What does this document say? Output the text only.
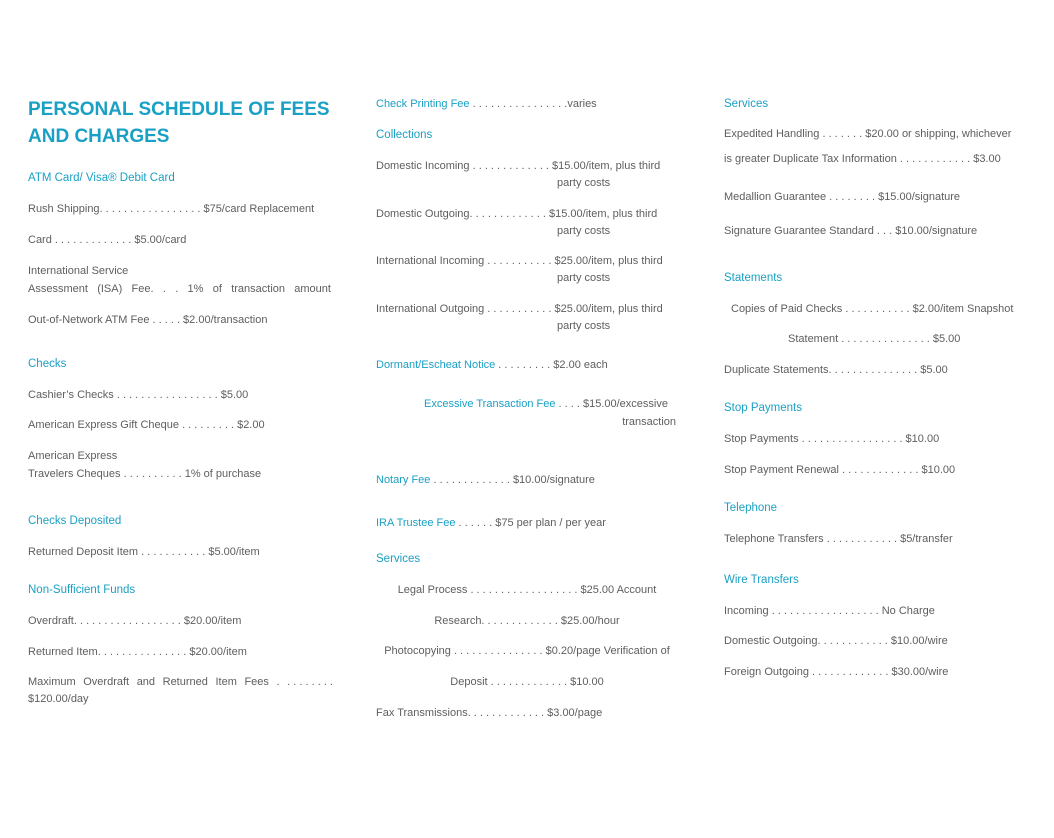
PERSONAL SCHEDULE OF FEES
AND CHARGES
ATM Card/ Visa® Debit Card
Rush Shipping. . . . . . . . . . . . . . . . . $75/card Replacement
Card . . . . . . . . . . . . . $5.00/card
International Service
Assessment (ISA) Fee. . . 1% of transaction amount
Out-of-Network ATM Fee . . . . . $2.00/transaction
Checks
Cashier’s Checks . . . . . . . . . . . . . . . . . $5.00
American Express Gift Cheque . . . . . . . . . $2.00
American Express
Travelers Cheques . . . . . . . . . . 1% of purchase
Checks Deposited
Returned Deposit Item . . . . . . . . . . . $5.00/item
Non-Sufficient Funds
Overdraft. . . . . . . . . . . . . . . . . . $20.00/item
Returned Item. . . . . . . . . . . . . . . $20.00/item
Maximum Overdraft and Returned Item Fees . . . . . . . . .
$120.00/day
Check Printing Fee . . . . . . . . . . . . . . . .varies
Collections
Domestic Incoming . . . . . . . . . . . . . $15.00/item, plus third
party costs
Domestic Outgoing. . . . . . . . . . . . . $15.00/item, plus third
party costs
International Incoming . . . . . . . . . . . $25.00/item, plus third
party costs
International Outgoing . . . . . . . . . . . $25.00/item, plus third
party costs
Dormant/Escheat Notice . . . . . . . . . $2.00 each
Excessive Transaction Fee . . . . $15.00/excessive
transaction
Notary Fee . . . . . . . . . . . . . $10.00/signature
IRA Trustee Fee . . . . . . $75 per plan / per year
Services
Legal Process . . . . . . . . . . . . . . . . . . $25.00 Account
Research. . . . . . . . . . . . . $25.00/hour
Photocopying . . . . . . . . . . . . . . . $0.20/page Verification of
Deposit . . . . . . . . . . . . . $10.00
Fax Transmissions. . . . . . . . . . . . . $3.00/page
Services
Expedited Handling . . . . . . . $20.00 or shipping, whichever
is greater Duplicate Tax Information . . . . . . . . . . . . $3.00
Medallion Guarantee . . . . . . . . $15.00/signature
Signature Guarantee Standard . . . $10.00/signature
Statements
Copies of Paid Checks . . . . . . . . . . . $2.00/item Snapshot
Statement . . . . . . . . . . . . . . . $5.00
Duplicate Statements. . . . . . . . . . . . . . . $5.00
Stop Payments
Stop Payments . . . . . . . . . . . . . . . . . $10.00
Stop Payment Renewal . . . . . . . . . . . . . $10.00
Telephone
Telephone Transfers . . . . . . . . . . . . $5/transfer
Wire Transfers
Incoming . . . . . . . . . . . . . . . . . . No Charge
Domestic Outgoing. . . . . . . . . . . . $10.00/wire
Foreign Outgoing . . . . . . . . . . . . . $30.00/wire
